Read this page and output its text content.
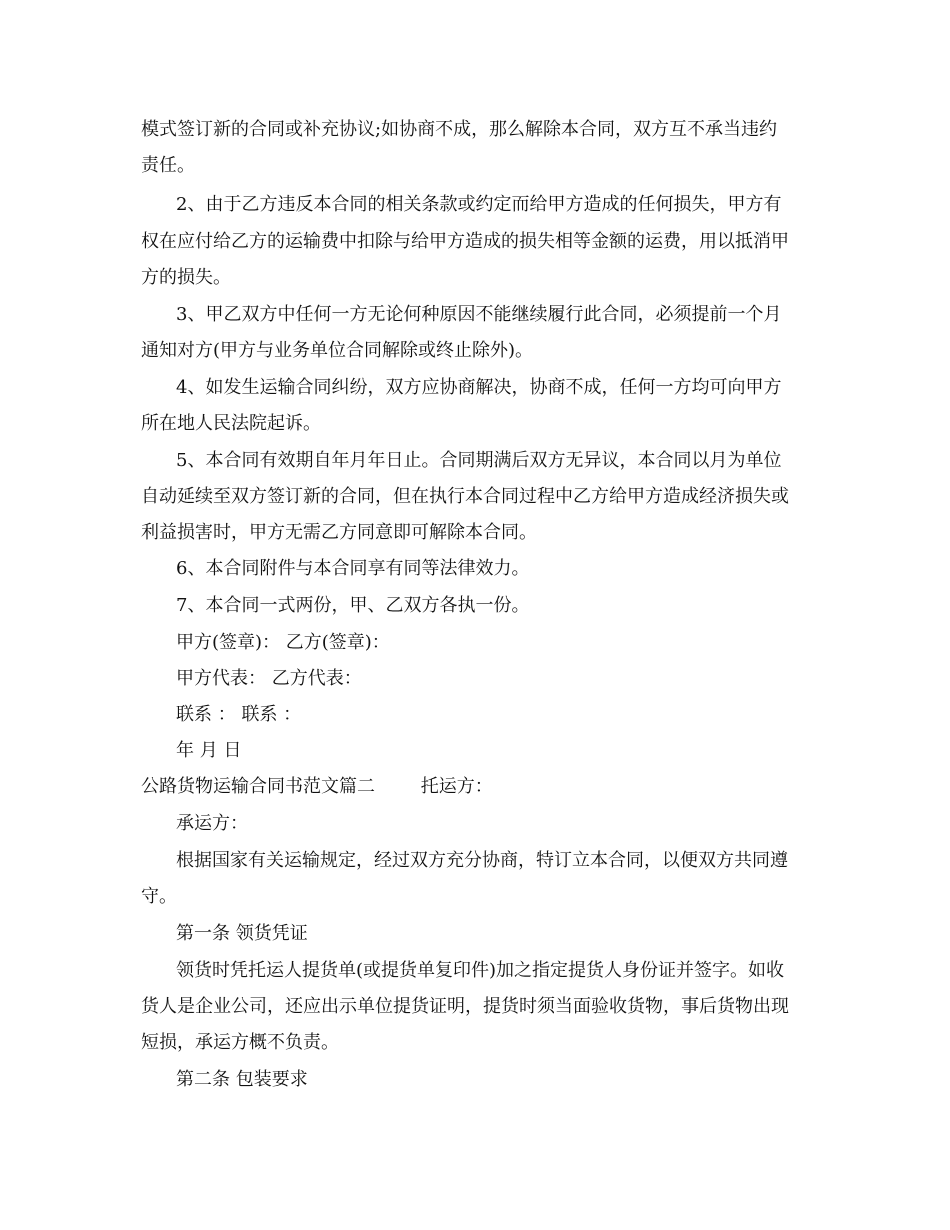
模式签订新的合同或补充协议;如协商不成，那么解除本合同，双方互不承当违约
责任。
2、由于乙方违反本合同的相关条款或约定而给甲方造成的任何损失，甲方有
权在应付给乙方的运输费中扣除与给甲方造成的损失相等金额的运费，用以抵消甲
方的损失。
3、甲乙双方中任何一方无论何种原因不能继续履行此合同，必须提前一个月
通知对方(甲方与业务单位合同解除或终止除外)。
4、如发生运输合同纠纷，双方应协商解决，协商不成，任何一方均可向甲方
所在地人民法院起诉。
5、本合同有效期自年月年日止。合同期满后双方无异议，本合同以月为单位
自动延续至双方签订新的合同，但在执行本合同过程中乙方给甲方造成经济损失或
利益损害时，甲方无需乙方同意即可解除本合同。
6、本合同附件与本合同享有同等法律效力。
7、本合同一式两份，甲、乙双方各执一份。
甲方(签章)： 乙方(签章)：
甲方代表： 乙方代表：
联系 ： 联系 ：
年 月 日
公路货物运输合同书范文篇二        托运方：
承运方：
根据国家有关运输规定，经过双方充分协商，特订立本合同，以便双方共同遵
守。
第一条 领货凭证
领货时凭托运人提货单(或提货单复印件)加之指定提货人身份证并签字。如收
货人是企业公司，还应出示单位提货证明，提货时须当面验收货物，事后货物出现
短损，承运方概不负责。
第二条 包装要求
